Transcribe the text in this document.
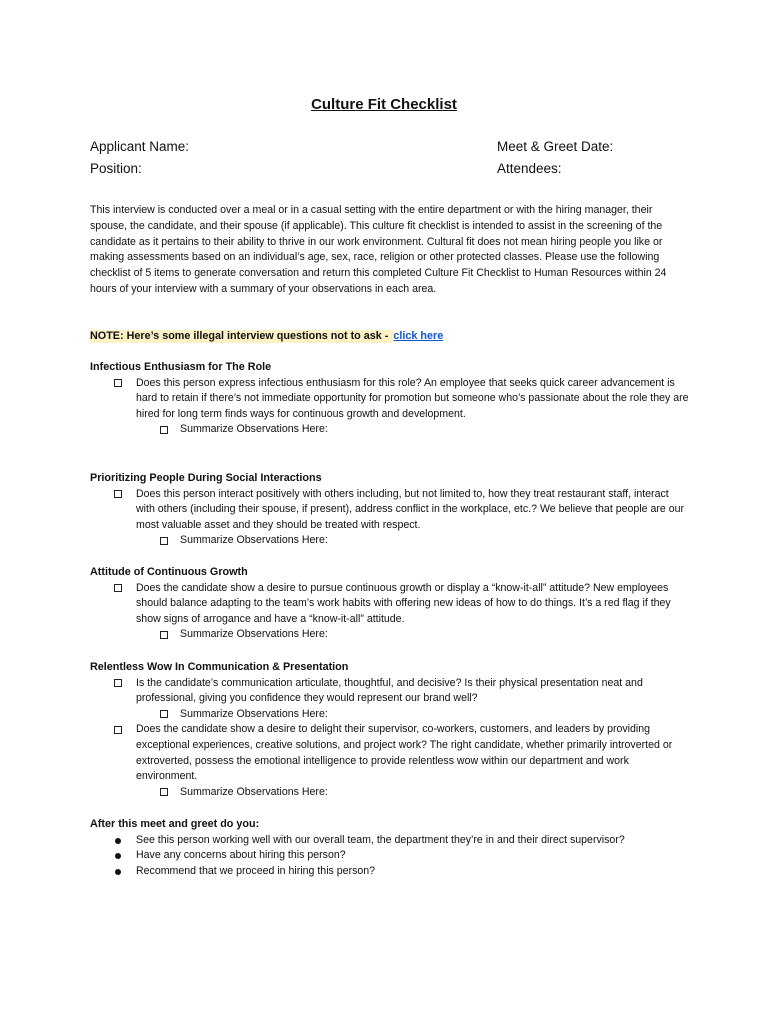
Culture Fit Checklist
Applicant Name:
Position:
Meet & Greet Date:
Attendees:
This interview is conducted over a meal or in a casual setting with the entire department or with the hiring manager, their spouse, the candidate, and their spouse (if applicable). This culture fit checklist is intended to assist in the screening of the candidate as it pertains to their ability to thrive in our work environment. Cultural fit does not mean hiring people you like or making assessments based on an individual’s age, sex, race, religion or other protected classes. Please use the following checklist of 5 items to generate conversation and return this completed Culture Fit Checklist to Human Resources within 24 hours of your interview with a summary of your observations in each area.
NOTE: Here’s some illegal interview questions not to ask - click here
Infectious Enthusiasm for The Role
Does this person express infectious enthusiasm for this role? An employee that seeks quick career advancement is hard to retain if there’s not immediate opportunity for promotion but someone who’s passionate about the role they are hired for long term finds ways for continuous growth and development.
Summarize Observations Here:
Prioritizing People During Social Interactions
Does this person interact positively with others including, but not limited to, how they treat restaurant staff, interact with others (including their spouse, if present), address conflict in the workplace, etc.? We believe that people are our most valuable asset and they should be treated with respect.
Summarize Observations Here:
Attitude of Continuous Growth
Does the candidate show a desire to pursue continuous growth or display a “know-it-all” attitude? New employees should balance adapting to the team’s work habits with offering new ideas of how to do things. It’s a red flag if they show signs of arrogance and have a “know-it-all” attitude.
Summarize Observations Here:
Relentless Wow In Communication & Presentation
Is the candidate’s communication articulate, thoughtful, and decisive? Is their physical presentation neat and professional, giving you confidence they would represent our brand well?
Summarize Observations Here:
Does the candidate show a desire to delight their supervisor, co-workers, customers, and leaders by providing exceptional experiences, creative solutions, and project work? The right candidate, whether primarily introverted or extroverted, possess the emotional intelligence to provide relentless wow within our department and work environment.
Summarize Observations Here:
After this meet and greet do you:
See this person working well with our overall team, the department they’re in and their direct supervisor?
Have any concerns about hiring this person?
Recommend that we proceed in hiring this person?
